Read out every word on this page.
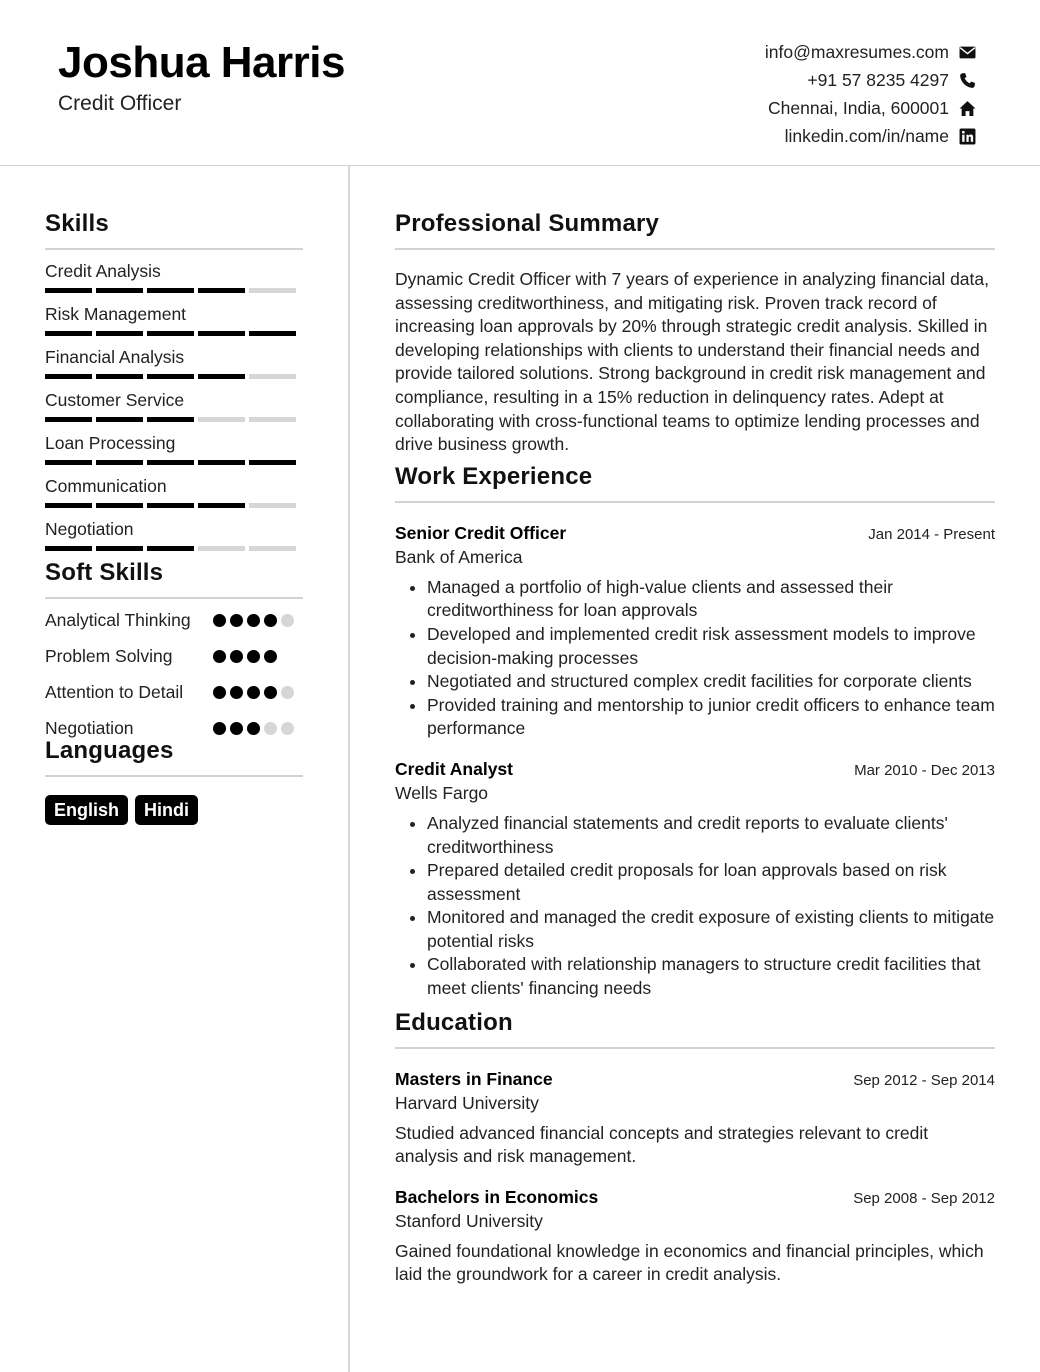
Joshua Harris
Credit Officer
info@maxresumes.com
+91 57 8235 4297
Chennai, India, 600001
linkedin.com/in/name
Skills
Credit Analysis
Risk Management
Financial Analysis
Customer Service
Loan Processing
Communication
Negotiation
Soft Skills
Analytical Thinking
Problem Solving
Attention to Detail
Negotiation
Languages
English	Hindi
Professional Summary

Dynamic Credit Officer with 7 years of experience in analyzing financial data, assessing creditworthiness, and mitigating risk. Proven track record of increasing loan approvals by 20% through strategic credit analysis. Skilled in developing relationships with clients to understand their financial needs and provide tailored solutions. Strong background in credit risk management and compliance, resulting in a 15% reduction in delinquency rates. Adept at collaborating with cross-functional teams to optimize lending processes and drive business growth.

Work Experience
Senior Credit Officer	Jan 2014 - Present
Bank of America
• Managed a portfolio of high-value clients and assessed their creditworthiness for loan approvals
• Developed and implemented credit risk assessment models to improve decision-making processes
• Negotiated and structured complex credit facilities for corporate clients
• Provided training and mentorship to junior credit officers to enhance team performance
Credit Analyst	Mar 2010 - Dec 2013
Wells Fargo
• Analyzed financial statements and credit reports to evaluate clients' creditworthiness
• Prepared detailed credit proposals for loan approvals based on risk assessment
• Monitored and managed the credit exposure of existing clients to mitigate potential risks
• Collaborated with relationship managers to structure credit facilities that meet clients' financing needs
Education
Masters in Finance	Sep 2012 - Sep 2014
Harvard University

Studied advanced financial concepts and strategies relevant to credit analysis and risk management.

Bachelors in Economics	Sep 2008 - Sep 2012
Stanford University

Gained foundational knowledge in economics and financial principles, which laid the groundwork for a career in credit analysis.
